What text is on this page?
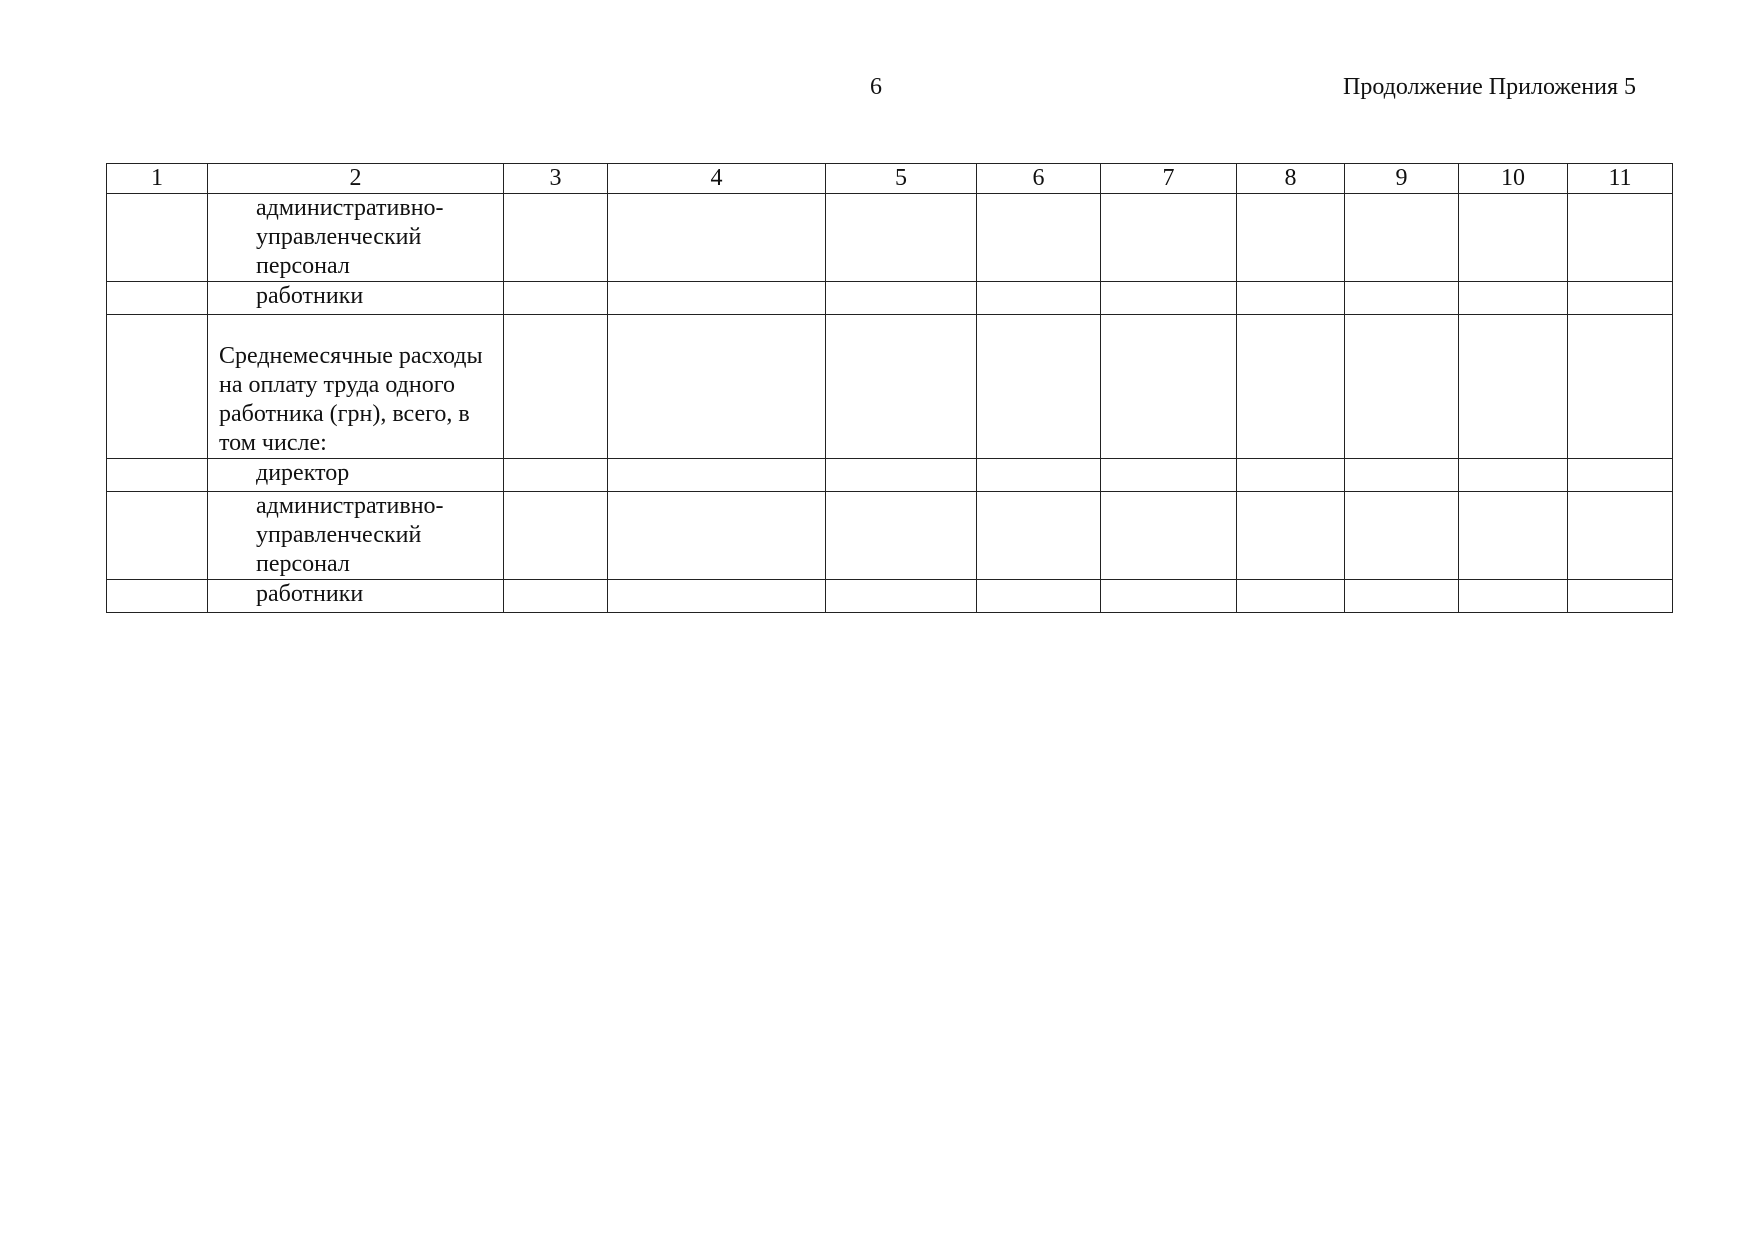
6	Продолжение Приложения 5
1	2	3	4	5	6	7	8	9	10	11
	административно-управленческий персонал									
	работники									
	Среднемесячные расходы на оплату труда одного работника (грн), всего, в том числе:									
	директор									
	административно-управленческий персонал									
	работники									
